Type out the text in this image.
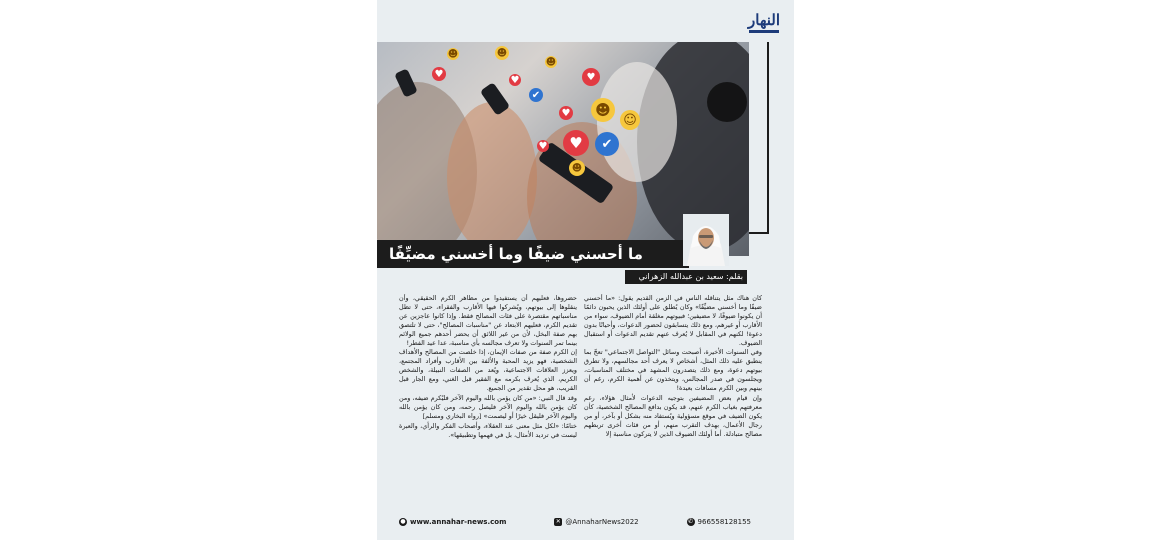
النهار
♥
☻	☻
♥
✔
☻
♥
♥ ☻
☺
♥	✔
☻
♥
ما أحسني ضيفًا وما أخسني مضيِّفًا
بقلم: سعيد بن عبدالله الزهراني

كان هناك مثل يتناقله الناس في الزمن القديم يقول: «ما أحسني ضيفًا وما أخسني مضيِّفًا» وكان يُطلق على أولئك الذين يحبون دائمًا أن يكونوا ضيوفًا، لا مضيفين؛ فبيوتهم مغلقة أمام الضيوف، سواء من الأقارب أو غيرهم، ومع ذلك يتسابقون لحضور الدعوات، وأحيانًا بدون دعوة! لكنهم في المقابل لا يُعرف عنهم تقديم الدعوات أو استقبال الضيوف.

وفي السنوات الأخيرة، أصبحت وسائل "التواصل الاجتماعي" تعجّ بما ينطبق عليه ذلك المثل، أشخاص لا يعرف أحد مجالسهم، ولا تطرق بيوتهم دعوة، ومع ذلك يتصدرون المشهد في مختلف المناسبات، ويجلسون في صدر المجالس، ويتخذون عن أهمية الكرم، رغم أن بينهم وبين الكرم مسافات بعيدة!

وإن قيام بعض المضيفين بتوجيه الدعوات لأمثال هؤلاء، رغم معرفتهم بغياب الكرم عنهم، قد يكون بدافع المصالح الشخصية، كأن يكون الضيف في موقع مسؤولية ويُستفاد منه بشكل أو بآخر، أو من رجال الأعمال، بهدف التقرب منهم، أو من فئات أخرى تربطهم مصالح متبادلة. أما أولئك الضيوف الذين لا يتركون مناسبة إلا

حضروها، فعليهم أن يستفيدوا من مظاهر الكرم الحقيقي، وأن ينقلوها إلى بيوتهم، ويُشركوا فيها الأقارب والفقراء، حتى لا تظل مناسباتهم مقتصرة على فئات المصالح فقط. وإذا كانوا عاجزين عن تقديم الكرم، فعليهم الابتعاد عن "مناسبات المصالح"، حتى لا تلتصق بهم صفة البخل، لأن من غير اللائق أن يحضر أحدهم جميع الولائم بينما تمر السنوات ولا تعرف مجالسه بأي مناسبة، عدا عيد الفطر!

إن الكرم صفة من صفات الإيمان، إذا خلصت من المصالح والأهداف الشخصية، فهو يزيد المحبة والألفة بين الأقارب وأفراد المجتمع، ويعزز العلاقات الاجتماعية، ويُعد من الصفات النبيلة، والشخص الكريم، الذي يُعرف بكرمه مع الفقير قبل الغني، ومع الجار قبل القريب، هو محل تقدير من الجميع.

وقد قال النبي: «من كان يؤمن بالله واليوم الآخر فليُكرم ضيفه، ومن كان يؤمن بالله واليوم الآخر فليصل رحمه، ومن كان يؤمن بالله واليوم الآخر فليقل خيرًا أو ليصمت» [رواه البخاري ومسلم]

ختامًا: «لكل مثل معنى عند العقلاء، وأصحاب الفكر والرأي، والعبرة ليست في ترديد الأمثال، بل في فهمها وتطبيقها».

● www.annahar-news.com	✕ @AnnaharNews2022	✆ 966558128155
